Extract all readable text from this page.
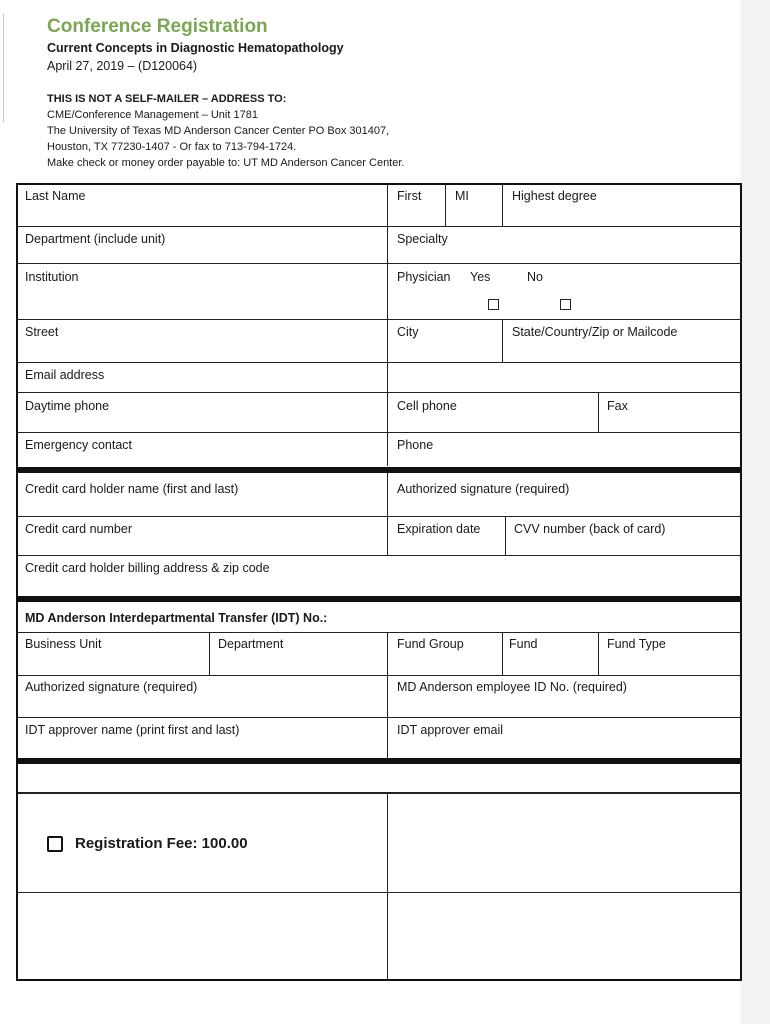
Conference Registration
Current Concepts in Diagnostic Hematopathology
April 27, 2019 – (D120064)
THIS IS NOT A SELF-MAILER – ADDRESS TO:
CME/Conference Management – Unit 1781
The University of Texas MD Anderson Cancer Center PO Box 301407,
Houston, TX 77230-1407 - Or fax to 713-794-1724.
Make check or money order payable to: UT MD Anderson Cancer Center.
Last Name	First	MI	Highest degree
Department (include unit)	Specialty
Institution	Physician Yes	No
Street	City	State/Country/Zip or Mailcode
Email address
Daytime phone	Cell phone	Fax
Emergency contact	Phone
Credit card holder name (first and last)	Authorized signature (required)
Credit card number	Expiration date	CVV number (back of card)
Credit card holder billing address & zip code
MD Anderson Interdepartmental Transfer (IDT) No.:
Business Unit	Department	Fund Group	Fund	Fund Type
Authorized signature (required)	MD Anderson employee ID No. (required)
IDT approver name (print first and last)	IDT approver email
Registration Fee: 100.00
